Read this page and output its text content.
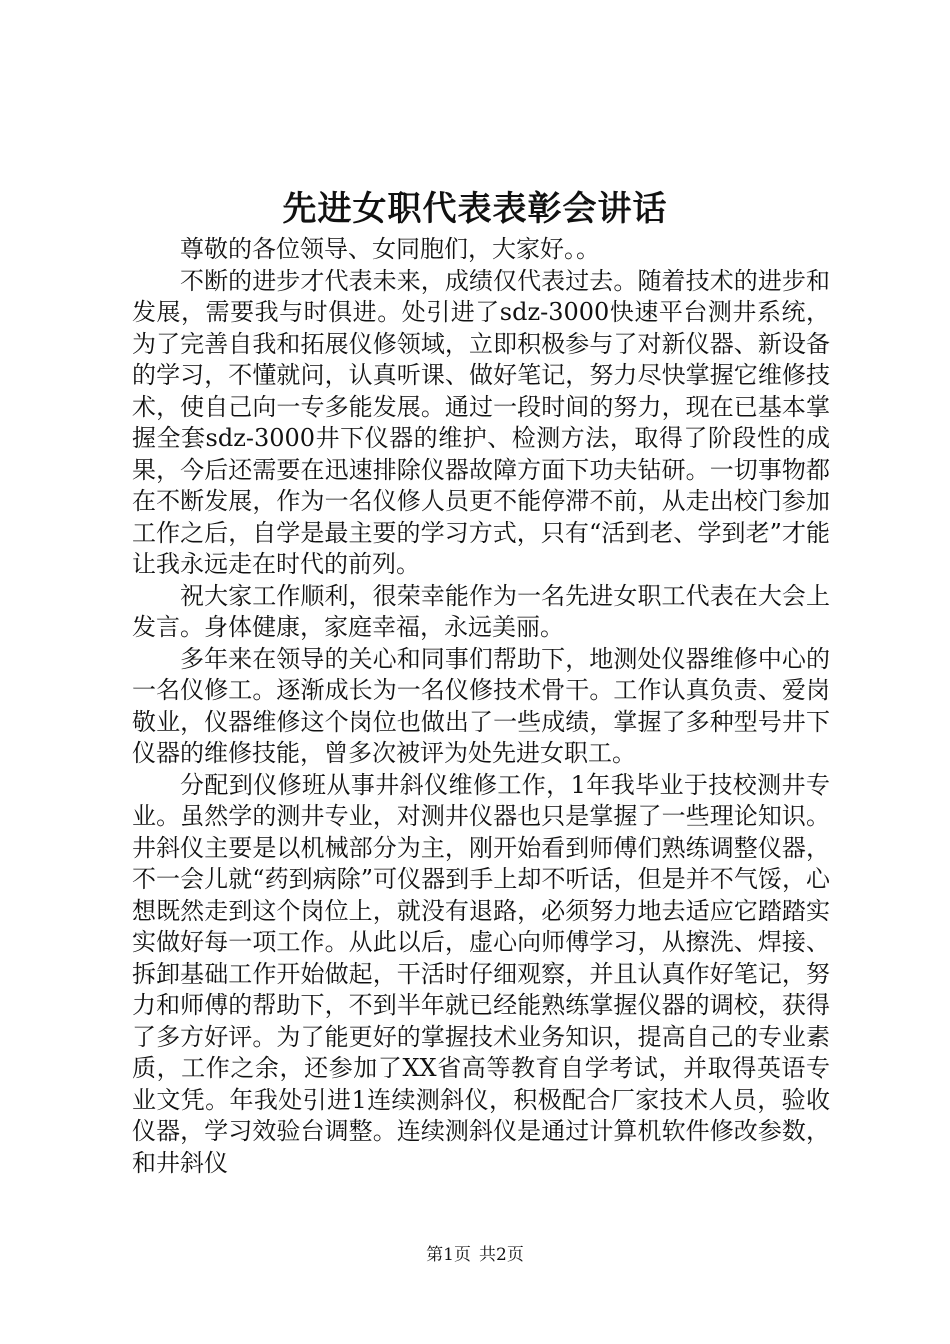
先进女职代表表彰会讲话

尊敬的各位领导、女同胞们，大家好。。

不断的进步才代表未来，成绩仅代表过去。随着技术的进步和发展，需要我与时俱进。处引进了sdz-3000快速平台测井系统，为了完善自我和拓展仪修领域，立即积极参与了对新仪器、新设备的学习，不懂就问，认真听课、做好笔记，努力尽快掌握它维修技术，使自己向一专多能发展。通过一段时间的努力，现在已基本掌握全套sdz-3000井下仪器的维护、检测方法，取得了阶段性的成果，今后还需要在迅速排除仪器故障方面下功夫钻研。一切事物都在不断发展，作为一名仪修人员更不能停滞不前，从走出校门参加工作之后，自学是最主要的学习方式，只有“活到老、学到老”才能让我永远走在时代的前列。

祝大家工作顺利，很荣幸能作为一名先进女职工代表在大会上发言。身体健康，家庭幸福，永远美丽。

多年来在领导的关心和同事们帮助下，地测处仪器维修中心的一名仪修工。逐渐成长为一名仪修技术骨干。工作认真负责、爱岗敬业，仪器维修这个岗位也做出了一些成绩，掌握了多种型号井下仪器的维修技能，曾多次被评为处先进女职工。

分配到仪修班从事井斜仪维修工作，1年我毕业于技校测井专业。虽然学的测井专业，对测井仪器也只是掌握了一些理论知识。井斜仪主要是以机械部分为主，刚开始看到师傅们熟练调整仪器，不一会儿就“药到病除”可仪器到手上却不听话，但是并不气馁，心想既然走到这个岗位上，就没有退路，必须努力地去适应它踏踏实实做好每一项工作。从此以后，虚心向师傅学习，从擦洗、焊接、拆卸基础工作开始做起，干活时仔细观察，并且认真作好笔记，努力和师傅的帮助下，不到半年就已经能熟练掌握仪器的调校，获得了多方好评。为了能更好的掌握技术业务知识，提高自己的专业素质，工作之余，还参加了XX省高等教育自学考试，并取得英语专业文凭。年我处引进1连续测斜仪，积极配合厂家技术人员，验收仪器，学习效验台调整。连续测斜仪是通过计算机软件修改参数，和井斜仪

第1页 共2页
